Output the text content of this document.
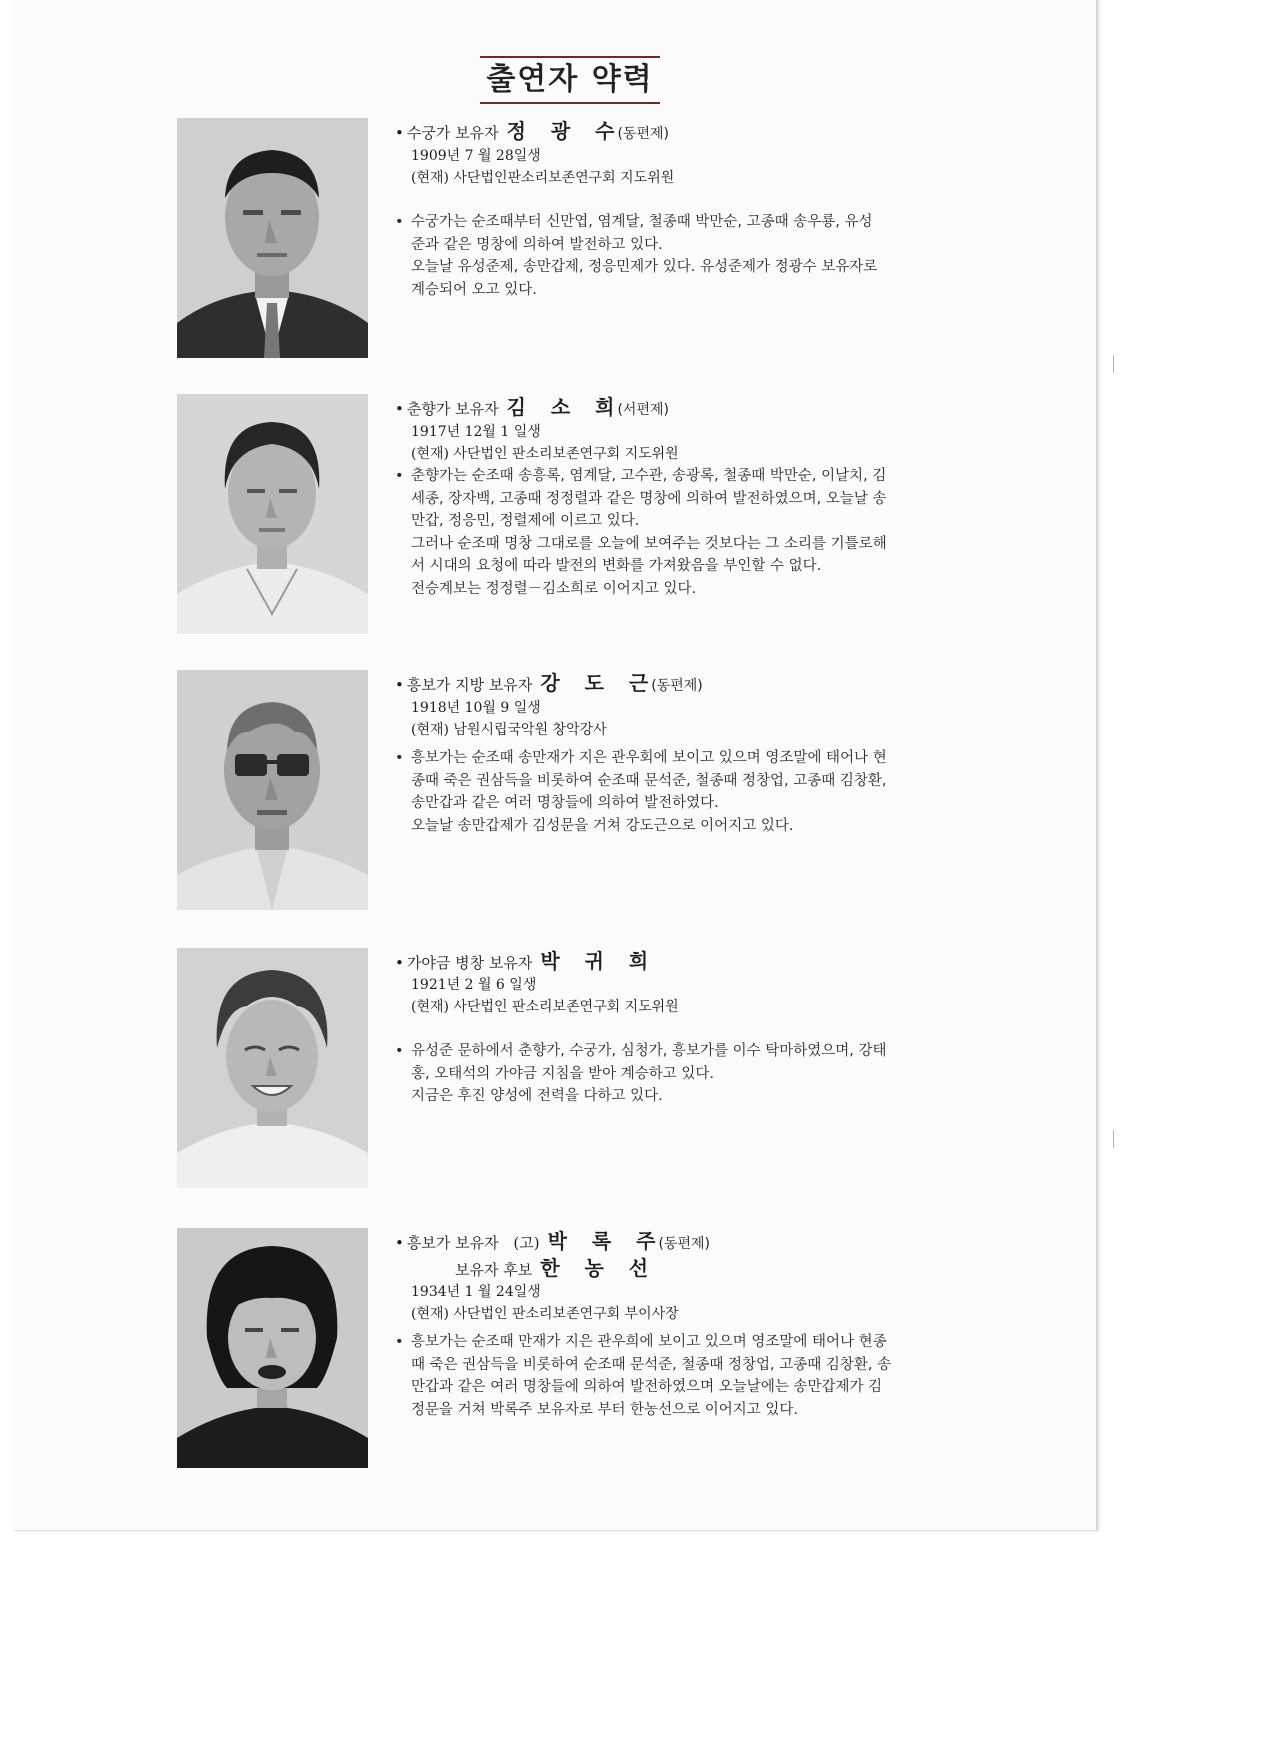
출연자 약력
• 수궁가 보유자 정 광 수(동편제)
1909년 7 월 28일생
(현재) 사단법인판소리보존연구회 지도위원
• 수궁가는 순조때부터 신만엽, 염계달, 철종때 박만순, 고종때 송우룡, 유성
준과 같은 명창에 의하여 발전하고 있다.
오늘날 유성준제, 송만갑제, 정응민제가 있다. 유성준제가 정광수 보유자로
계승되어 오고 있다.
• 춘향가 보유자 김 소 희(서편제)
1917년 12월 1 일생
(현재) 사단법인 판소리보존연구회 지도위원
• 춘향가는 순조때 송흥록, 염계달, 고수관, 송광록, 철종때 박만순, 이날치, 김
세종, 장자백, 고종때 정정렬과 같은 명창에 의하여 발전하였으며, 오늘날 송
만갑, 정응민, 정렬제에 이르고 있다.
그러나 순조때 명창 그대로를 오늘에 보여주는 것보다는 그 소리를 기틀로해
서 시대의 요청에 따라 발전의 변화를 가져왔음을 부인할 수 없다.
전승계보는 정정렬－김소희로 이어지고 있다.
• 흥보가 지방 보유자 강 도 근(동편제)
1918년 10월 9 일생
(현재) 남원시립국악원 창악강사
• 흥보가는 순조때 송만재가 지은 관우회에 보이고 있으며 영조말에 태어나 현
종때 죽은 권삼득을 비롯하여 순조때 문석준, 철종때 정창업, 고종때 김창환,
송만갑과 같은 여러 명창들에 의하여 발전하였다.
오늘날 송만갑제가 김성문을 거쳐 강도근으로 이어지고 있다.
• 가야금 병창 보유자 박 귀 희
1921년 2 월 6 일생
(현재) 사단법인 판소리보존연구회 지도위원
• 유성준 문하에서 춘향가, 수궁가, 심청가, 흥보가를 이수 탁마하였으며, 강태
홍, 오태석의 가야금 지침을 받아 계승하고 있다.
지금은 후진 양성에 전력을 다하고 있다.
• 흥보가 보유자 (고) 박 록 주(동편제)
보유자 후보 한 농 선
1934년 1 월 24일생
(현재) 사단법인 판소리보존연구회 부이사장
• 흥보가는 순조때 만재가 지은 관우희에 보이고 있으며 영조말에 태어나 현종
때 죽은 권삼득을 비롯하여 순조때 문석준, 철종때 정창업, 고종때 김창환, 송
만갑과 같은 여러 명창들에 의하여 발전하였으며 오늘날에는 송만갑제가 김
정문을 거쳐 박록주 보유자로 부터 한농선으로 이어지고 있다.
